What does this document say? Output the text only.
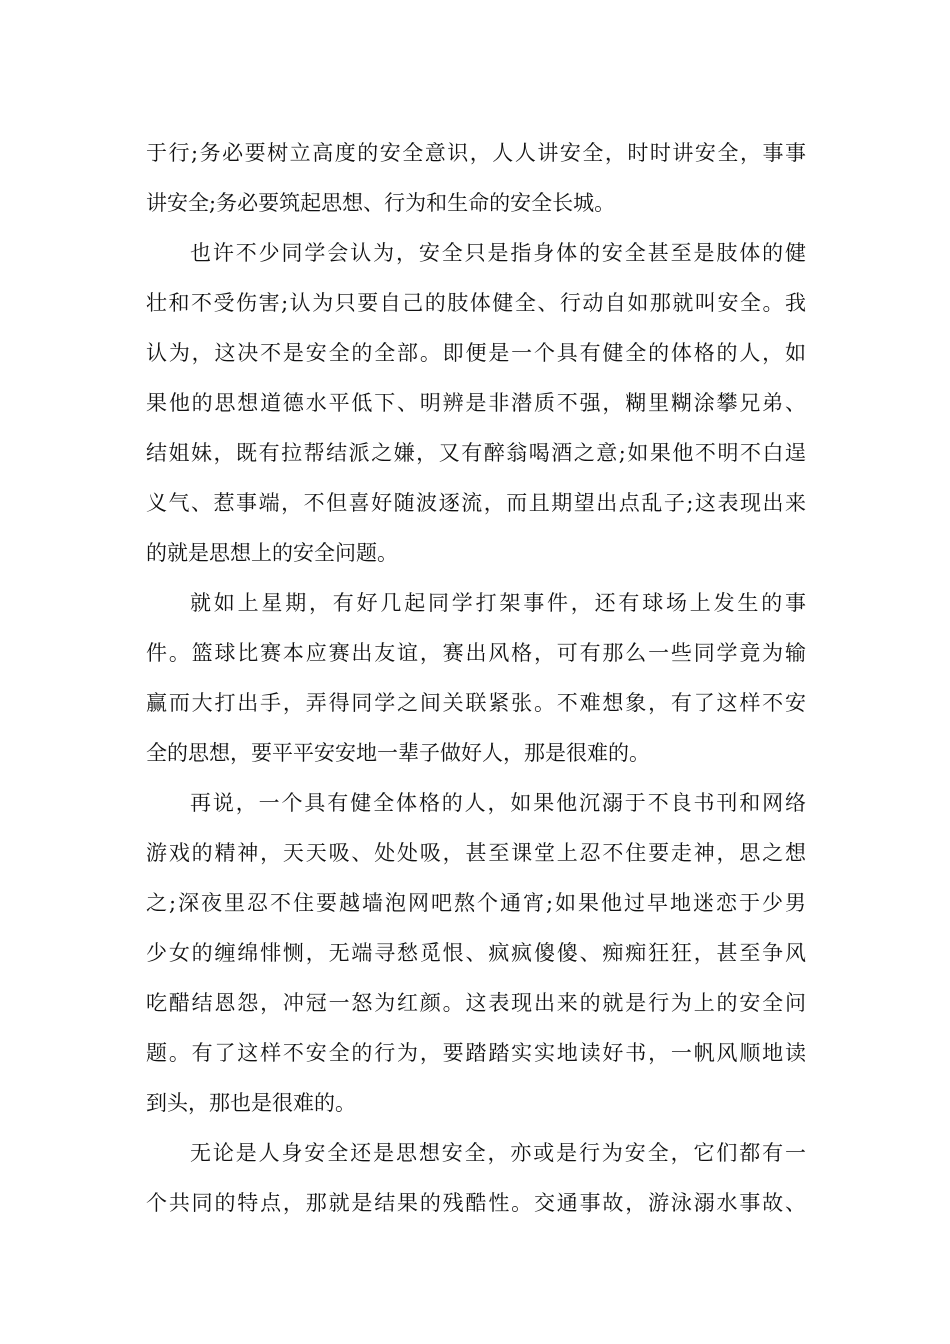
于行;务必要树立高度的安全意识，人人讲安全，时时讲安全，事事
讲安全;务必要筑起思想、行为和生命的安全长城。
也许不少同学会认为，安全只是指身体的安全甚至是肢体的健
壮和不受伤害;认为只要自己的肢体健全、行动自如那就叫安全。我
认为，这决不是安全的全部。即便是一个具有健全的体格的人，如
果他的思想道德水平低下、明辨是非潜质不强，糊里糊涂攀兄弟、
结姐妹，既有拉帮结派之嫌，又有醉翁喝酒之意;如果他不明不白逞
义气、惹事端，不但喜好随波逐流，而且期望出点乱子;这表现出来
的就是思想上的安全问题。
就如上星期，有好几起同学打架事件，还有球场上发生的事
件。篮球比赛本应赛出友谊，赛出风格，可有那么一些同学竟为输
赢而大打出手，弄得同学之间关联紧张。不难想象，有了这样不安
全的思想，要平平安安地一辈子做好人，那是很难的。
再说，一个具有健全体格的人，如果他沉溺于不良书刊和网络
游戏的精神，天天吸、处处吸，甚至课堂上忍不住要走神，思之想
之;深夜里忍不住要越墙泡网吧熬个通宵;如果他过早地迷恋于少男
少女的缠绵悱恻，无端寻愁觅恨、疯疯傻傻、痴痴狂狂，甚至争风
吃醋结恩怨，冲冠一怒为红颜。这表现出来的就是行为上的安全问
题。有了这样不安全的行为，要踏踏实实地读好书，一帆风顺地读
到头，那也是很难的。
无论是人身安全还是思想安全，亦或是行为安全，它们都有一
个共同的特点，那就是结果的残酷性。交通事故，游泳溺水事故、
